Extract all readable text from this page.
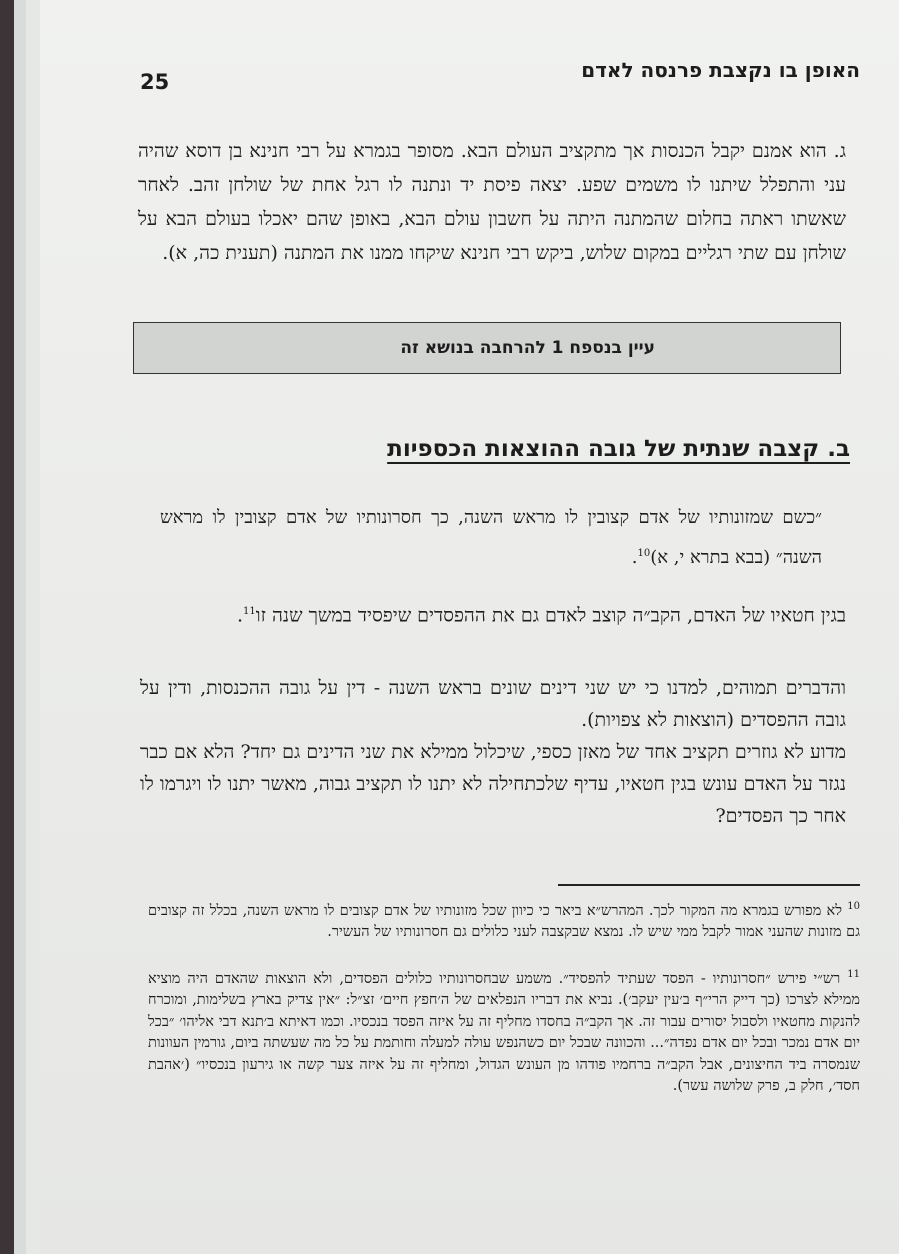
25	האופן בו נקצבת פרנסה לאדם
ג. הוא אמנם יקבל הכנסות אך מתקציב העולם הבא. מסופר בגמרא על רבי חנינא בן דוסא שהיה עני והתפלל שיתנו לו משמים שפע. יצאה פיסת יד ונתנה לו רגל אחת של שולחן זהב. לאחר שאשתו ראתה בחלום שהמתנה היתה על חשבון עולם הבא, באופן שהם יאכלו בעולם הבא על שולחן עם שתי רגליים במקום שלוש, ביקש רבי חנינא שיקחו ממנו את המתנה (תענית כה, א).
עיין בנספח 1 להרחבה בנושא זה
ב. קצבה שנתית של גובה ההוצאות הכספיות
״כשם שמזונותיו של אדם קצובין לו מראש השנה, כך חסרונותיו של אדם קצובין לו מראש השנה״ (בבא בתרא י, א)$^{10}$.
בגין חטאיו של האדם, הקב״ה קוצב לאדם גם את ההפסדים שיפסיד במשך שנה זו$^{11}$.
והדברים תמוהים, למדנו כי יש שני דינים שונים בראש השנה - דין על גובה ההכנסות, ודין על גובה ההפסדים (הוצאות לא צפויות).
מדוע לא גוזרים תקציב אחד של מאזן כספי, שיכלול ממילא את שני הדינים גם יחד? הלא אם כבר נגזר על האדם עונש בגין חטאיו, עדיף שלכתחילה לא יתנו לו תקציב גבוה, מאשר יתנו לו ויגרמו לו אחר כך הפסדים?
$^{10}$ לא מפורש בגמרא מה המקור לכך. המהרש״א ביאר כי כיוון שכל מזונותיו של אדם קצובים לו מראש השנה, בכלל זה קצובים גם מזונות שהעני אמור לקבל ממי שיש לו. נמצא שבקצבה לעני כלולים גם חסרונותיו של העשיר.
$^{11}$ רש״י פירש ״חסרונותיו - הפסד שעתיד להפסיד״. משמע שבחסרונותיו כלולים הפסדים, ולא הוצאות שהאדם היה מוציא ממילא לצרכו (כך דייק הרי״ף ב׳עין יעקב׳). נביא את דבריו הנפלאים של ה׳חפץ חיים׳ זצ״ל: ״אין צדיק בארץ בשלימות, ומוכרח להנקות מחטאיו ולסבול יסורים עבור זה. אך הקב״ה בחסדו מחליף זה על איזה הפסד בנכסיו. וכמו דאיתא ב׳תנא דבי אליהו׳ ״בכל יום אדם נמכר ובכל יום אדם נפדה״... והכוונה שבכל יום כשהנפש עולה למעלה וחותמת על כל מה שעשתה ביום, גורמין העוונות שנמסרה ביד החיצונים, אבל הקב״ה ברחמיו פודהו מן העונש הגדול, ומחליף זה על איזה צער קשה או גירעון בנכסיו״ (׳אהבת חסד׳, חלק ב, פרק שלושה עשר).
